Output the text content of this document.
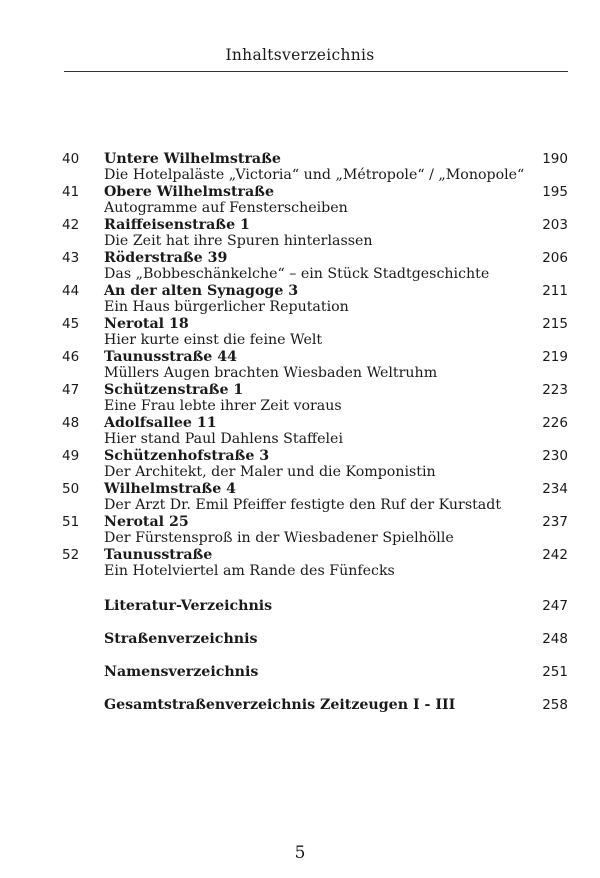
Inhaltsverzeichnis
40	Untere Wilhelmstraße	190
Die Hotelpaläste „Victoria“ und „Métropole“ / „Monopole“
41	Obere Wilhelmstraße	195
Autogramme auf Fensterscheiben
42	Raiffeisenstraße 1	203
Die Zeit hat ihre Spuren hinterlassen
43	Röderstraße 39	206
Das „Bobbeschänkelche“ – ein Stück Stadtgeschichte
44	An der alten Synagoge 3	211
Ein Haus bürgerlicher Reputation
45	Nerotal 18	215
Hier kurte einst die feine Welt
46	Taunusstraße 44	219
Müllers Augen brachten Wiesbaden Weltruhm
47	Schützenstraße 1	223
Eine Frau lebte ihrer Zeit voraus
48	Adolfsallee 11	226
Hier stand Paul Dahlens Staffelei
49	Schützenhofstraße 3	230
Der Architekt, der Maler und die Komponistin
50	Wilhelmstraße 4	234
Der Arzt Dr. Emil Pfeiffer festigte den Ruf der Kurstadt
51	Nerotal 25	237
Der Fürstensproß in der Wiesbadener Spielhölle
52	Taunusstraße	242
Ein Hotelviertel am Rande des Fünfecks
Literatur-Verzeichnis	247
Straßenverzeichnis	248
Namensverzeichnis	251
Gesamtstraßenverzeichnis Zeitzeugen I - III	258
5
